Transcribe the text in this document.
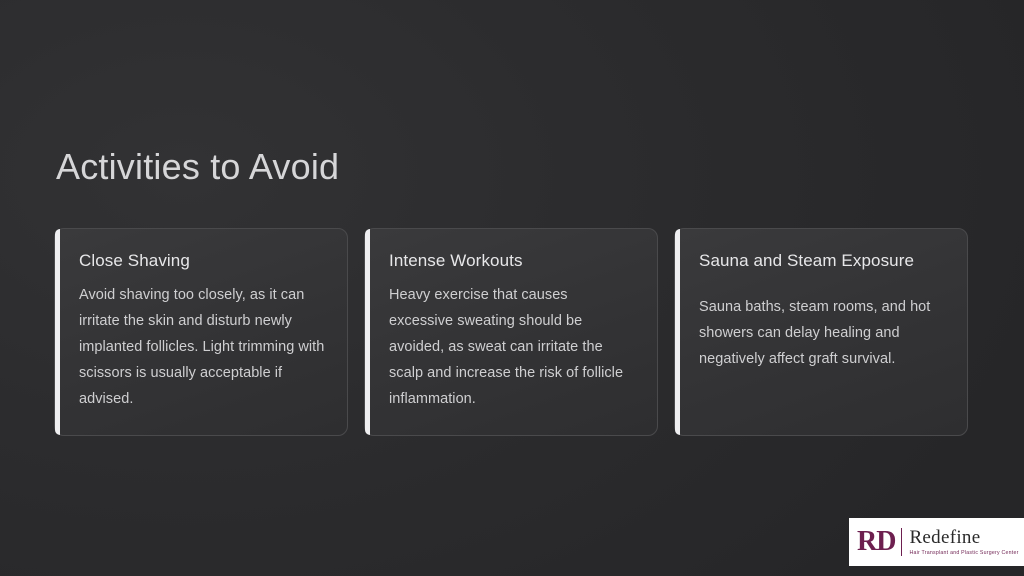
Activities to Avoid
Close Shaving
Avoid shaving too closely, as it can irritate the skin and disturb newly implanted follicles. Light trimming with scissors is usually acceptable if advised.
Intense Workouts
Heavy exercise that causes excessive sweating should be avoided, as sweat can irritate the scalp and increase the risk of follicle inflammation.
Sauna and Steam Exposure
Sauna baths, steam rooms, and hot showers can delay healing and negatively affect graft survival.
RD Redefine
Hair Transplant and Plastic Surgery Center
